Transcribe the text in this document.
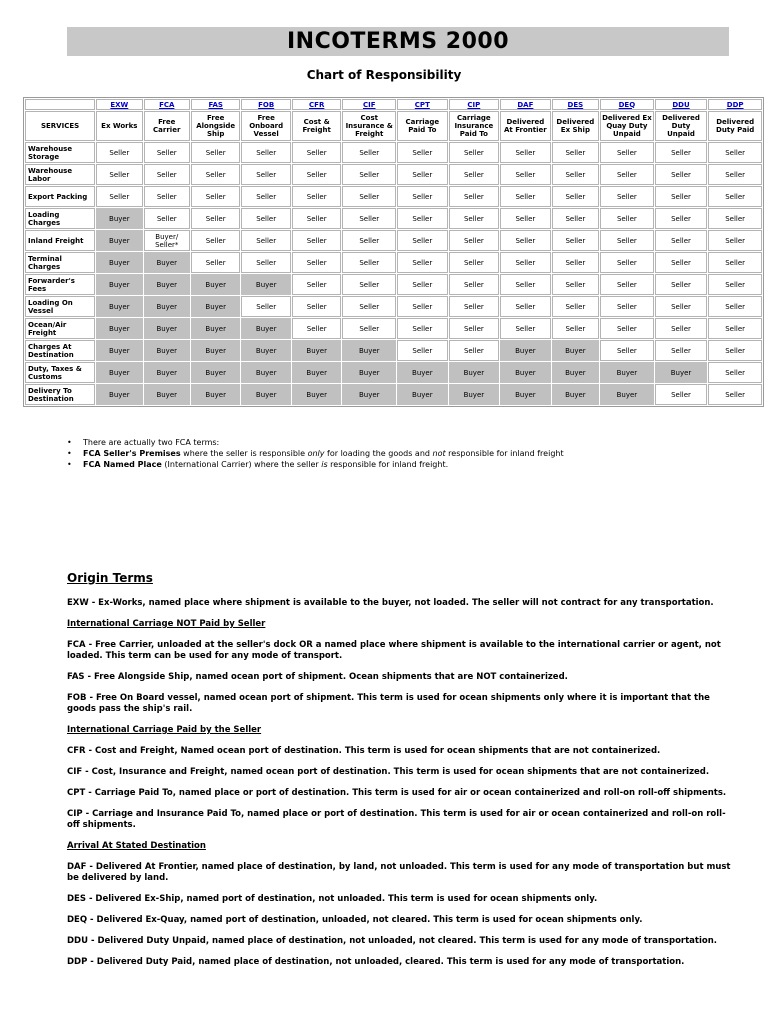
INCOTERMS 2000
Chart of Responsibility
	EXW	FCA	FAS	FOB	CFR	CIF	CPT	CIP	DAF	DES	DEQ	DDU	DDP
SERVICES	Ex Works	Free Carrier	Free Alongside Ship	Free Onboard Vessel	Cost & Freight	Cost Insurance & Freight	Carriage Paid To	Carriage Insurance Paid To	Delivered At Frontier	Delivered Ex Ship	Delivered Ex Quay Duty Unpaid	Delivered Duty Unpaid	Delivered Duty Paid
Warehouse Storage	Seller	Seller	Seller	Seller	Seller	Seller	Seller	Seller	Seller	Seller	Seller	Seller	Seller
Warehouse Labor	Seller	Seller	Seller	Seller	Seller	Seller	Seller	Seller	Seller	Seller	Seller	Seller	Seller
Export Packing	Seller	Seller	Seller	Seller	Seller	Seller	Seller	Seller	Seller	Seller	Seller	Seller	Seller
Loading Charges	Buyer	Seller	Seller	Seller	Seller	Seller	Seller	Seller	Seller	Seller	Seller	Seller	Seller
Inland Freight	Buyer	Buyer/ Seller*	Seller	Seller	Seller	Seller	Seller	Seller	Seller	Seller	Seller	Seller	Seller
Terminal Charges	Buyer	Buyer	Seller	Seller	Seller	Seller	Seller	Seller	Seller	Seller	Seller	Seller	Seller
Forwarder's Fees	Buyer	Buyer	Buyer	Buyer	Seller	Seller	Seller	Seller	Seller	Seller	Seller	Seller	Seller
Loading On Vessel	Buyer	Buyer	Buyer	Seller	Seller	Seller	Seller	Seller	Seller	Seller	Seller	Seller	Seller
Ocean/Air Freight	Buyer	Buyer	Buyer	Buyer	Seller	Seller	Seller	Seller	Seller	Seller	Seller	Seller	Seller
Charges At Destination	Buyer	Buyer	Buyer	Buyer	Buyer	Buyer	Seller	Seller	Buyer	Buyer	Seller	Seller	Seller
Duty, Taxes & Customs	Buyer	Buyer	Buyer	Buyer	Buyer	Buyer	Buyer	Buyer	Buyer	Buyer	Buyer	Buyer	Seller
Delivery To Destination	Buyer	Buyer	Buyer	Buyer	Buyer	Buyer	Buyer	Buyer	Buyer	Buyer	Buyer	Seller	Seller
• There are actually two FCA terms:
• FCA Seller's Premises where the seller is responsible only for loading the goods and not responsible for inland freight
• FCA Named Place (International Carrier) where the seller is responsible for inland freight.
Origin Terms

EXW - Ex-Works, named place where shipment is available to the buyer, not loaded. The seller will not contract for any transportation.

International Carriage NOT Paid by Seller

FCA - Free Carrier, unloaded at the seller's dock OR a named place where shipment is available to the international carrier or agent, not loaded. This term can be used for any mode of transport.

FAS - Free Alongside Ship, named ocean port of shipment. Ocean shipments that are NOT containerized.

FOB - Free On Board vessel, named ocean port of shipment. This term is used for ocean shipments only where it is important that the goods pass the ship's rail.

International Carriage Paid by the Seller

CFR - Cost and Freight, Named ocean port of destination. This term is used for ocean shipments that are not containerized.

CIF - Cost, Insurance and Freight, named ocean port of destination. This term is used for ocean shipments that are not containerized.

CPT - Carriage Paid To, named place or port of destination. This term is used for air or ocean containerized and roll-on roll-off shipments.

CIP - Carriage and Insurance Paid To, named place or port of destination. This term is used for air or ocean containerized and roll-on roll-off shipments.

Arrival At Stated Destination

DAF - Delivered At Frontier, named place of destination, by land, not unloaded. This term is used for any mode of transportation but must be delivered by land.

DES - Delivered Ex-Ship, named port of destination, not unloaded. This term is used for ocean shipments only.

DEQ - Delivered Ex-Quay, named port of destination, unloaded, not cleared. This term is used for ocean shipments only.

DDU - Delivered Duty Unpaid, named place of destination, not unloaded, not cleared. This term is used for any mode of transportation.

DDP - Delivered Duty Paid, named place of destination, not unloaded, cleared. This term is used for any mode of transportation.
